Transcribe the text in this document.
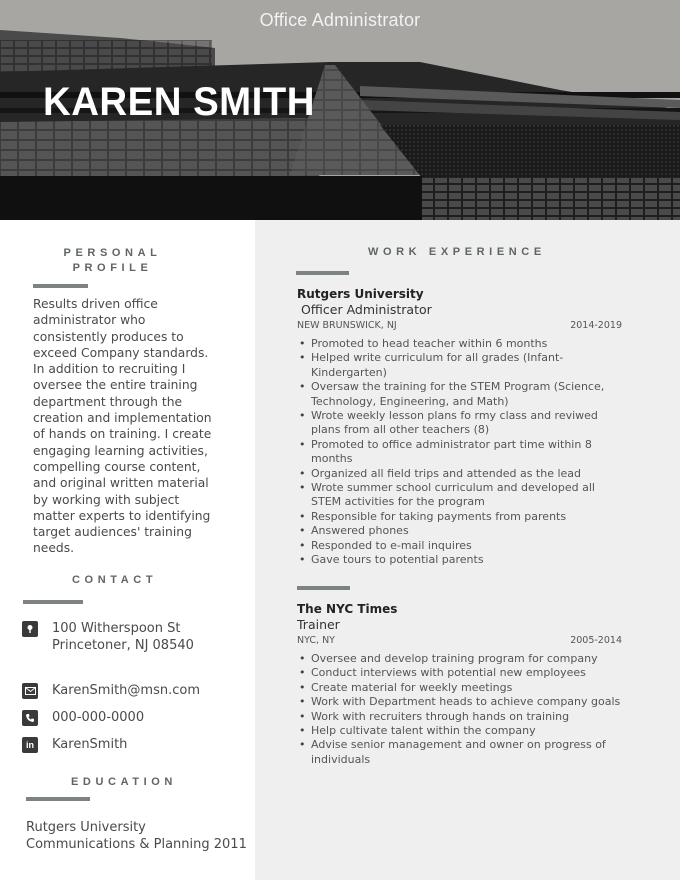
Office Administrator
KAREN SMITH
PERSONAL
PROFILE
Results driven office administrator who consistently produces to exceed Company standards. In addition to recruiting I oversee the entire training department through the creation and implementation of hands on training. I create engaging learning activities, compelling course content, and original written material by working with subject matter experts to identifying target audiences' training needs.
CONTACT
100 Witherspoon St
Princetoner, NJ 08540
KarenSmith@msn.com
000-000-0000
in	KarenSmith
EDUCATION
Rutgers University
Communications & Planning 2011
WORK EXPERIENCE
Rutgers University
Officer Administrator
NEW BRUNSWICK, NJ	2014-2019
• Promoted to head teacher within 6 months
• Helped write curriculum for all grades (Infant-Kindergarten)
• Oversaw the training for the STEM Program (Science, Technology, Engineering, and Math)
• Wrote weekly lesson plans fo rmy class and reviwed plans from all other teachers (8)
• Promoted to office administrator part time within 8 months
• Organized all field trips and attended as the lead
• Wrote summer school curriculum and developed all STEM activities for the program
• Responsible for taking payments from parents
• Answered phones
• Responded to e-mail inquires
• Gave tours to potential parents
The NYC Times
Trainer
NYC, NY	2005-2014
• Oversee and develop training program for company
• Conduct interviews with potential new employees
• Create material for weekly meetings
• Work with Department heads to achieve company goals
• Work with recruiters through hands on training
• Help cultivate talent within the company
• Advise senior management and owner on progress of individuals
